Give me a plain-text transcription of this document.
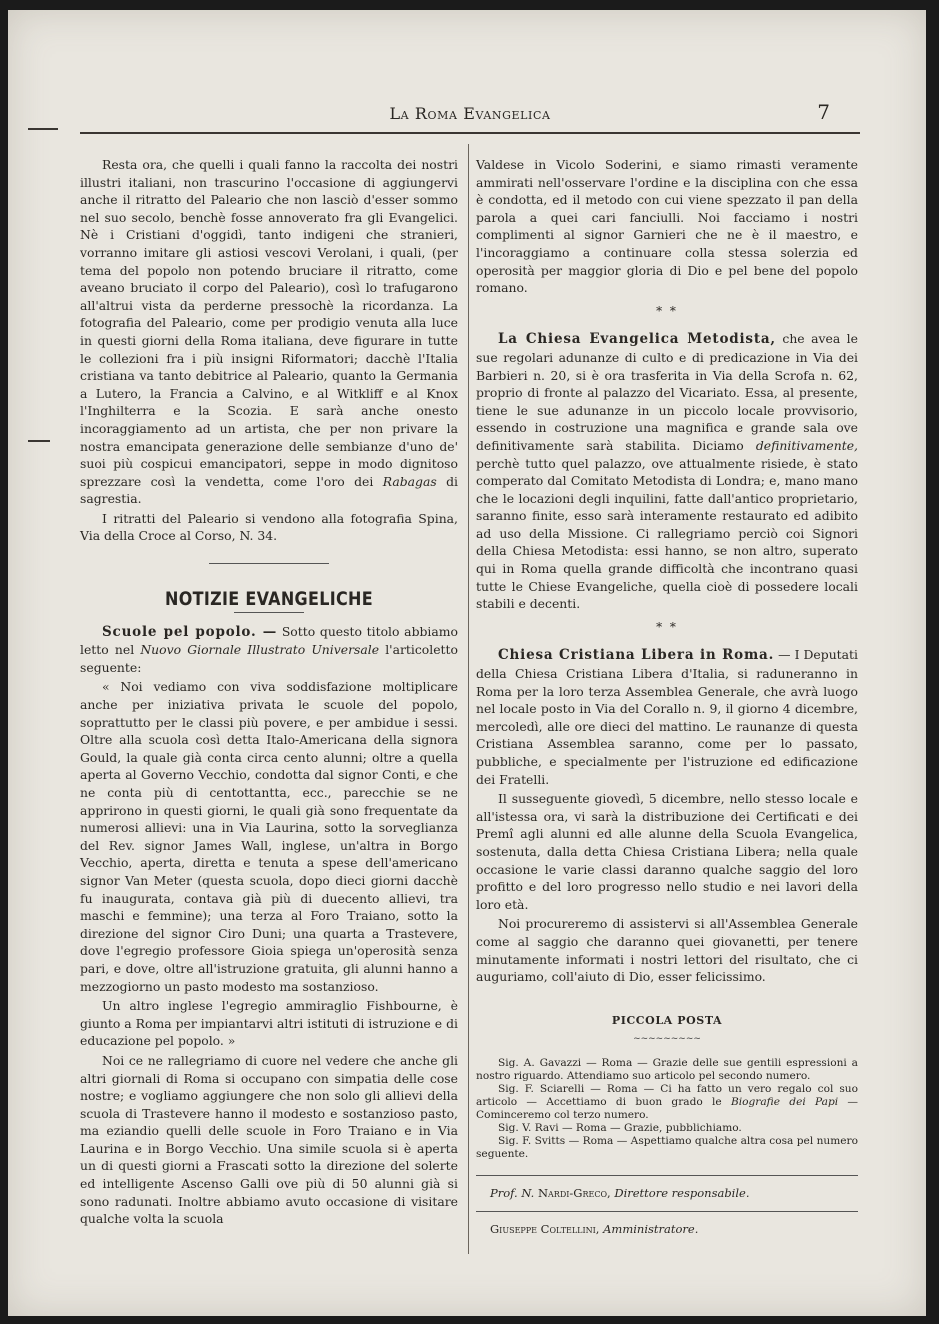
La Roma Evangelica	7

Resta ora, che quelli i quali fanno la raccolta dei nostri illustri italiani, non trascurino l'occasione di aggiungervi anche il ritratto del Paleario che non lasciò d'esser sommo nel suo secolo, benchè fosse annoverato fra gli Evangelici. Nè i Cristiani d'oggidì, tanto indigeni che stranieri, vorranno imitare gli astiosi vescovi Verolani, i quali, (per tema del popolo non potendo bruciare il ritratto, come aveano bruciato il corpo del Paleario), così lo trafugarono all'altrui vista da perderne pressochè la ricordanza. La fotografia del Paleario, come per prodigio venuta alla luce in questi giorni della Roma italiana, deve figurare in tutte le collezioni fra i più insigni Riformatori; dacchè l'Italia cristiana va tanto debitrice al Paleario, quanto la Germania a Lutero, la Francia a Calvino, e al Witkliff e al Knox l'Inghilterra e la Scozia. E sarà anche onesto incoraggiamento ad un artista, che per non privare la nostra emancipata generazione delle sembianze d'uno de' suoi più cospicui emancipatori, seppe in modo dignitoso sprezzare così la vendetta, come l'oro dei Rabagas di sagrestia.

I ritratti del Paleario si vendono alla fotografia Spina, Via della Croce al Corso, N. 34.

NOTIZIE EVANGELICHE

Scuole pel popolo. — Sotto questo titolo abbiamo letto nel Nuovo Giornale Illustrato Universale l'articoletto seguente:

« Noi vediamo con viva soddisfazione moltiplicare anche per iniziativa privata le scuole del popolo, soprattutto per le classi più povere, e per ambidue i sessi. Oltre alla scuola così detta Italo-Americana della signora Gould, la quale già conta circa cento alunni; oltre a quella aperta al Governo Vecchio, condotta dal signor Conti, e che ne conta più di centottantta, ecc., parecchie se ne apprirono in questi giorni, le quali già sono frequentate da numerosi allievi: una in Via Laurina, sotto la sorveglianza del Rev. signor James Wall, inglese, un'altra in Borgo Vecchio, aperta, diretta e tenuta a spese dell'americano signor Van Meter (questa scuola, dopo dieci giorni dacchè fu inaugurata, contava già più di duecento allievi, tra maschi e femmine); una terza al Foro Traiano, sotto la direzione del signor Ciro Duni; una quarta a Trastevere, dove l'egregio professore Gioia spiega un'operosità senza pari, e dove, oltre all'istruzione gratuita, gli alunni hanno a mezzogiorno un pasto modesto ma sostanzioso.

Un altro inglese l'egregio ammiraglio Fishbourne, è giunto a Roma per impiantarvi altri istituti di istruzione e di educazione pel popolo. »

Noi ce ne rallegriamo di cuore nel vedere che anche gli altri giornali di Roma si occupano con simpatia delle cose nostre; e vogliamo aggiungere che non solo gli allievi della scuola di Trastevere hanno il modesto e sostanzioso pasto, ma eziandio quelli delle scuole in Foro Traiano e in Via Laurina e in Borgo Vecchio. Una simile scuola si è aperta un di questi giorni a Frascati sotto la direzione del solerte ed intelligente Ascenso Galli ove più di 50 alunni già si sono radunati. Inoltre abbiamo avuto occasione di visitare qualche volta la scuola

Valdese in Vicolo Soderini, e siamo rimasti veramente ammirati nell'osservare l'ordine e la disciplina con che essa è condotta, ed il metodo con cui viene spezzato il pan della parola a quei cari fanciulli. Noi facciamo i nostri complimenti al signor Garnieri che ne è il maestro, e l'incoraggiamo a continuare colla stessa solerzia ed operosità per maggior gloria di Dio e pel bene del popolo romano.

* *

La Chiesa Evangelica Metodista, che avea le sue regolari adunanze di culto e di predicazione in Via dei Barbieri n. 20, si è ora trasferita in Via della Scrofa n. 62, proprio di fronte al palazzo del Vicariato. Essa, al presente, tiene le sue adunanze in un piccolo locale provvisorio, essendo in costruzione una magnifica e grande sala ove definitivamente sarà stabilita. Diciamo definitivamente, perchè tutto quel palazzo, ove attualmente risiede, è stato comperato dal Comitato Metodista di Londra; e, mano mano che le locazioni degli inquilini, fatte dall'antico proprietario, saranno finite, esso sarà interamente restaurato ed adibito ad uso della Missione. Ci rallegriamo perciò coi Signori della Chiesa Metodista: essi hanno, se non altro, superato qui in Roma quella grande difficoltà che incontrano quasi tutte le Chiese Evangeliche, quella cioè di possedere locali stabili e decenti.

* *

Chiesa Cristiana Libera in Roma. — I Deputati della Chiesa Cristiana Libera d'Italia, si raduneranno in Roma per la loro terza Assemblea Generale, che avrà luogo nel locale posto in Via del Corallo n. 9, il giorno 4 dicembre, mercoledì, alle ore dieci del mattino. Le raunanze di questa Cristiana Assemblea saranno, come per lo passato, pubbliche, e specialmente per l'istruzione ed edificazione dei Fratelli.

Il susseguente giovedì, 5 dicembre, nello stesso locale e all'istessa ora, vi sarà la distribuzione dei Certificati e dei Premî agli alunni ed alle alunne della Scuola Evangelica, sostenuta, dalla detta Chiesa Cristiana Libera; nella quale occasione le varie classi daranno qualche saggio del loro profitto e del loro progresso nello studio e nei lavori della loro età.

Noi procureremo di assistervi si all'Assemblea Generale come al saggio che daranno quei giovanetti, per tenere minutamente informati i nostri lettori del risultato, che ci auguriamo, coll'aiuto di Dio, esser felicissimo.

PICCOLA POSTA
~~~~~~~~~

Sig. A. Gavazzi — Roma — Grazie delle sue gentili espressioni a nostro riguardo. Attendiamo suo articolo pel secondo numero.

Sig. F. Sciarelli — Roma — Ci ha fatto un vero regalo col suo articolo — Accettiamo di buon grado le Biografie dei Papi — Cominceremo col terzo numero.

Sig. V. Ravi — Roma — Grazie, pubblichiamo.

Sig. F. Svitts — Roma — Aspettiamo qualche altra cosa pel numero seguente.

Prof. N. Nardi-Greco, Direttore responsabile.

Giuseppe Coltellini, Amministratore.
